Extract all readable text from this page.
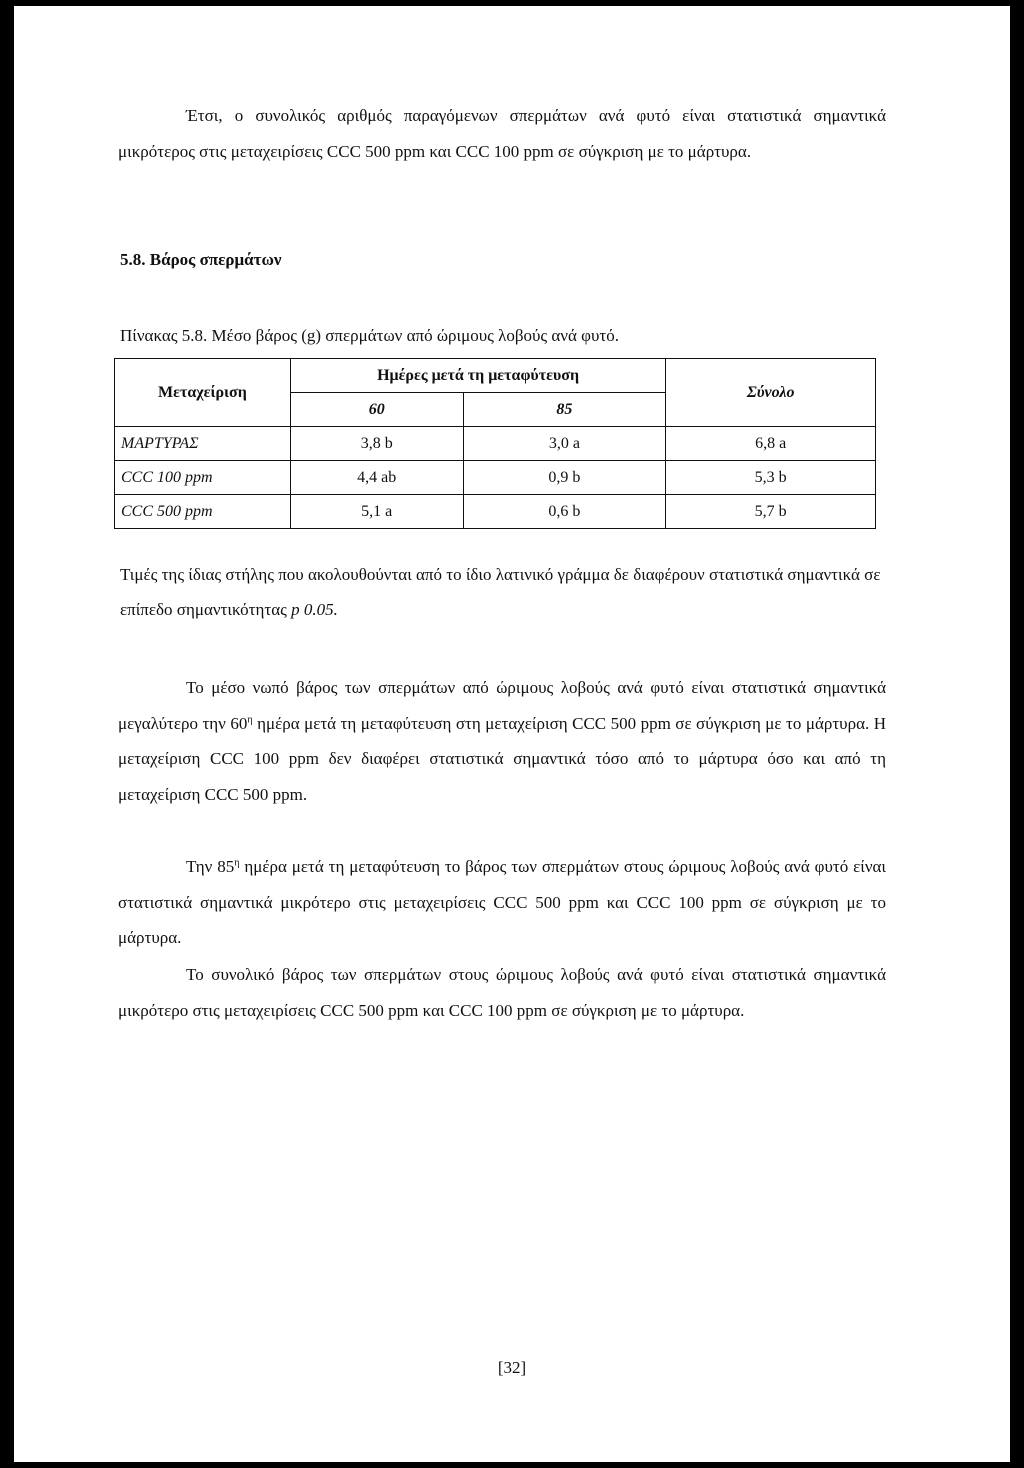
Έτσι, ο συνολικός αριθμός παραγόμενων σπερμάτων ανά φυτό είναι στατιστικά σημαντικά μικρότερος στις μεταχειρίσεις CCC 500 ppm και CCC 100 ppm σε σύγκριση με το μάρτυρα.

5.8. Βάρος σπερμάτων

Πίνακας 5.8. Μέσο βάρος (g) σπερμάτων από ώριμους λοβούς ανά φυτό.

Μεταχείριση	Ημέρες μετά τη μεταφύτευση		Σύνολο
	60	85	
ΜΑΡΤΥΡΑΣ	3,8 b	3,0 a	6,8 a
CCC 100 ppm	4,4 ab	0,9 b	5,3 b
CCC 500 ppm	5,1 a	0,6 b	5,7 b

Τιμές της ίδιας στήλης που ακολουθούνται από το ίδιο λατινικό γράμμα δε διαφέρουν στατιστικά σημαντικά σε επίπεδο σημαντικότητας p 0.05.

Το μέσο νωπό βάρος των σπερμάτων από ώριμους λοβούς ανά φυτό είναι στατιστικά σημαντικά μεγαλύτερο την $60^\eta$ ημέρα μετά τη μεταφύτευση στη μεταχείριση CCC 500 ppm σε σύγκριση με το μάρτυρα. Η μεταχείριση CCC 100 ppm δεν διαφέρει στατιστικά σημαντικά τόσο από το μάρτυρα όσο και από τη μεταχείριση CCC 500 ppm.

Την $85^\eta$ ημέρα μετά τη μεταφύτευση το βάρος των σπερμάτων στους ώριμους λοβούς ανά φυτό είναι στατιστικά σημαντικά μικρότερο στις μεταχειρίσεις CCC 500 ppm και CCC 100 ppm σε σύγκριση με το μάρτυρα.

Το συνολικό βάρος των σπερμάτων στους ώριμους λοβούς ανά φυτό είναι στατιστικά σημαντικά μικρότερο στις μεταχειρίσεις CCC 500 ppm και CCC 100 ppm σε σύγκριση με το μάρτυρα.

[32]
